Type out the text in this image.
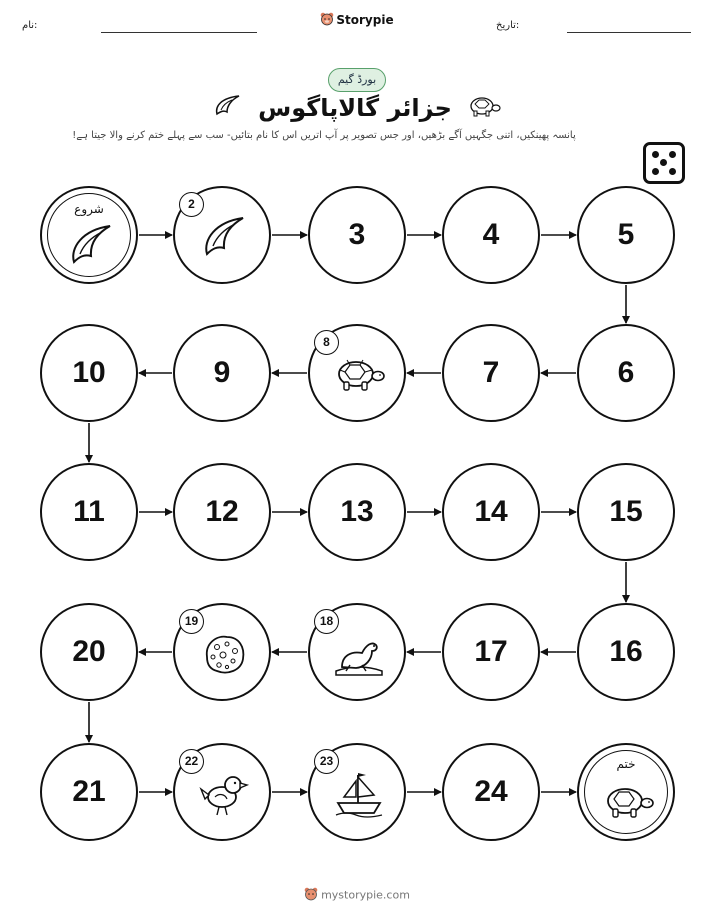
نام:	Storypie	تاریخ:
بورڈ گیم
جزائر گالاپاگوس
پانسہ پھینکیں، اتنی جگہیں آگے بڑھیں، اور جس تصویر پر آپ اتریں اس کا نام بتائیں- سب سے پہلے ختم کرنے والا جیتا ہے!
شروع	2
3	4	5
6
7
8
9
10
11	12	13	14	15
16
17
18
19
20
21
22	23
24
ختم
mystorypie.com
